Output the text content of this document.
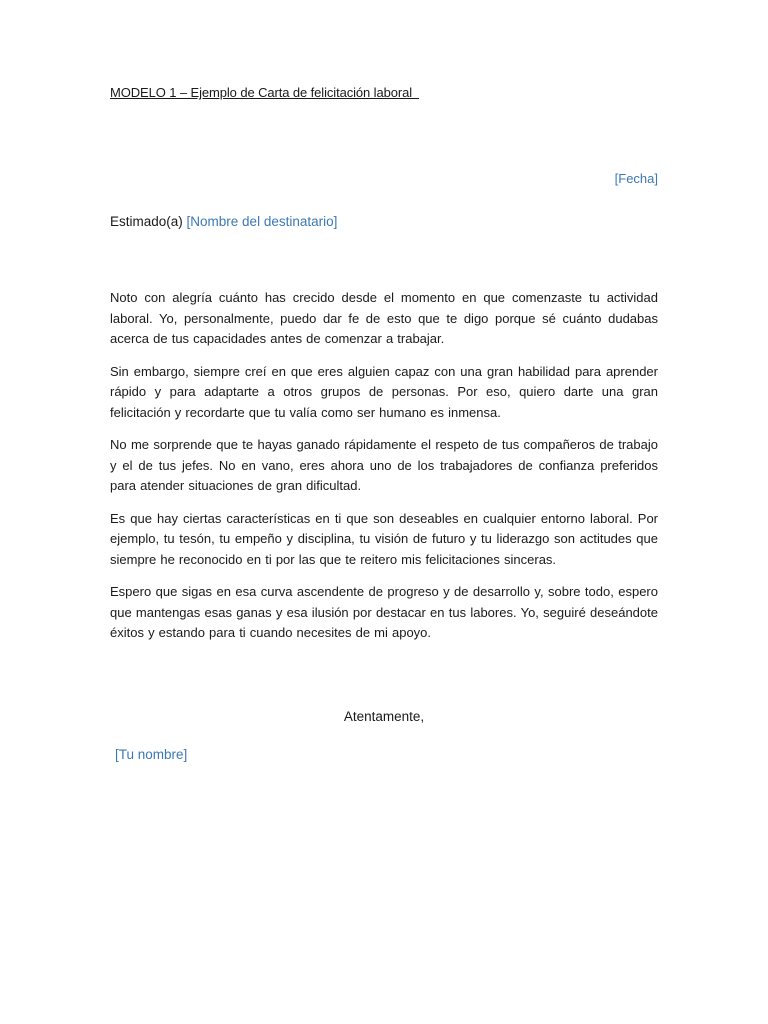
MODELO 1 – Ejemplo de Carta de felicitación laboral
[Fecha]
Estimado(a) [Nombre del destinatario]

Noto con alegría cuánto has crecido desde el momento en que comenzaste tu actividad laboral. Yo, personalmente, puedo dar fe de esto que te digo porque sé cuánto dudabas acerca de tus capacidades antes de comenzar a trabajar.

Sin embargo, siempre creí en que eres alguien capaz con una gran habilidad para aprender rápido y para adaptarte a otros grupos de personas. Por eso, quiero darte una gran felicitación y recordarte que tu valía como ser humano es inmensa.

No me sorprende que te hayas ganado rápidamente el respeto de tus compañeros de trabajo y el de tus jefes. No en vano, eres ahora uno de los trabajadores de confianza preferidos para atender situaciones de gran dificultad.

Es que hay ciertas características en ti que son deseables en cualquier entorno laboral. Por ejemplo, tu tesón, tu empeño y disciplina, tu visión de futuro y tu liderazgo son actitudes que siempre he reconocido en ti por las que te reitero mis felicitaciones sinceras.

Espero que sigas en esa curva ascendente de progreso y de desarrollo y, sobre todo, espero que mantengas esas ganas y esa ilusión por destacar en tus labores. Yo, seguiré deseándote éxitos y estando para ti cuando necesites de mi apoyo.

Atentamente,
[Tu nombre]
